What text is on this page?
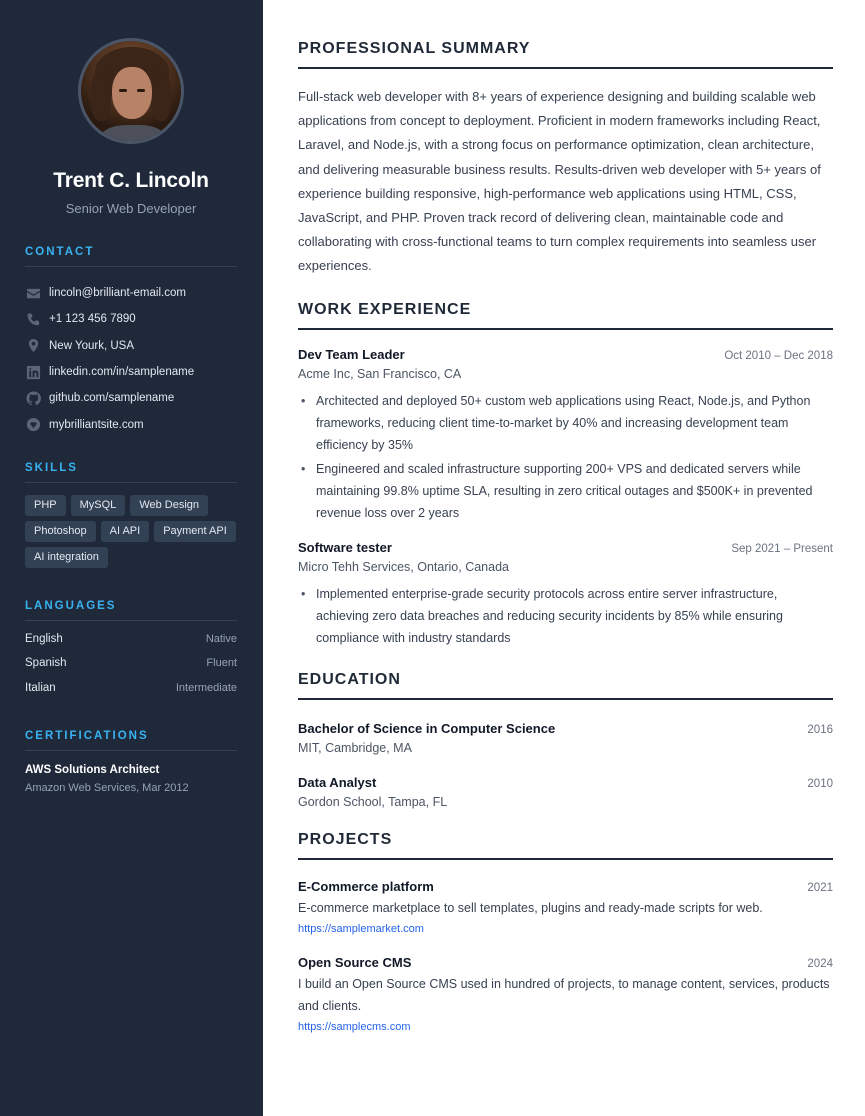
Trent C. Lincoln
Senior Web Developer
CONTACT
lincoln@brilliant-email.com
+1 123 456 7890
New Yourk, USA
linkedin.com/in/samplename
github.com/samplename
mybrilliantsite.com
SKILLS
PHP	MySQL	Web Design
Photoshop	AI API	Payment API
AI integration
LANGUAGES
English	Native
Spanish	Fluent
Italian	Intermediate
CERTIFICATIONS
AWS Solutions Architect
Amazon Web Services, Mar 2012
PROFESSIONAL SUMMARY

Full-stack web developer with 8+ years of experience designing and building scalable web applications from concept to deployment. Proficient in modern frameworks including React, Laravel, and Node.js, with a strong focus on performance optimization, clean architecture, and delivering measurable business results. Results-driven web developer with 5+ years of experience building responsive, high-performance web applications using HTML, CSS, JavaScript, and PHP. Proven track record of delivering clean, maintainable code and collaborating with cross-functional teams to turn complex requirements into seamless user experiences.

WORK EXPERIENCE
Dev Team Leader	Oct 2010 – Dec 2018
Acme Inc, San Francisco, CA
• Architected and deployed 50+ custom web applications using React, Node.js, and Python frameworks, reducing client time-to-market by 40% and increasing development team efficiency by 35%
• Engineered and scaled infrastructure supporting 200+ VPS and dedicated servers while maintaining 99.8% uptime SLA, resulting in zero critical outages and $500K+ in prevented revenue loss over 2 years
Software tester	Sep 2021 – Present
Micro Tehh Services, Ontario, Canada
• Implemented enterprise-grade security protocols across entire server infrastructure, achieving zero data breaches and reducing security incidents by 85% while ensuring compliance with industry standards
EDUCATION
Bachelor of Science in Computer Science	2016
MIT, Cambridge, MA
Data Analyst	2010
Gordon School, Tampa, FL
PROJECTS
E-Commerce platform	2021
E-commerce marketplace to sell templates, plugins and ready-made scripts for web.
https://samplemarket.com
Open Source CMS	2024
I build an Open Source CMS used in hundred of projects, to manage content, services, products and clients.
https://samplecms.com
